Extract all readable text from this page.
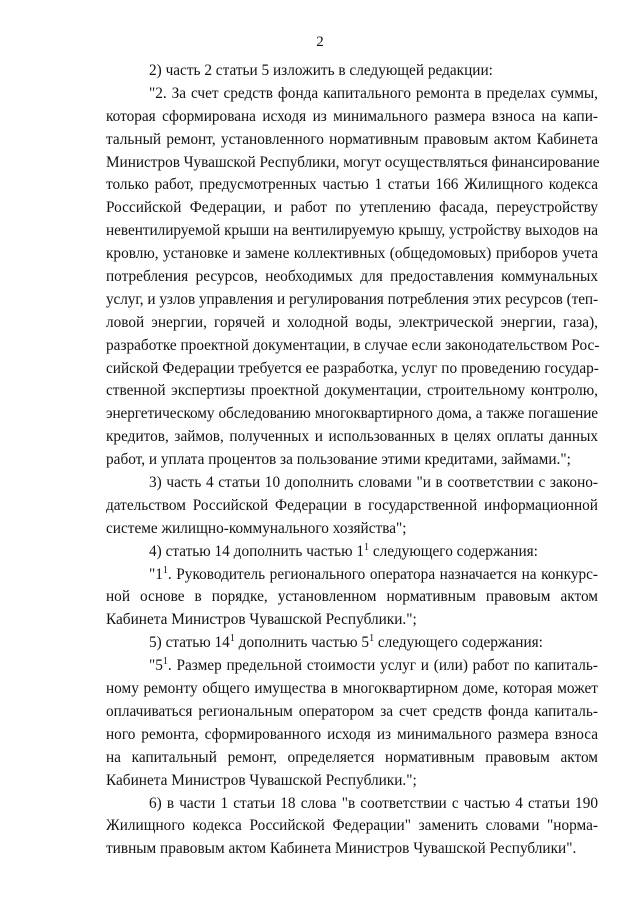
2
2) часть 2 статьи 5 изложить в следующей редакции:
"2. За счет средств фонда капитального ремонта в пределах суммы,
которая сформирована исходя из минимального размера взноса на капи-
тальный ремонт, установленного нормативным правовым актом Кабинета
Министров Чувашской Республики, могут осуществляться финансирование
только работ, предусмотренных частью 1 статьи 166 Жилищного кодекса
Российской Федерации, и работ по утеплению фасада, переустройству
невентилируемой крыши на вентилируемую крышу, устройству выходов на
кровлю, установке и замене коллективных (общедомовых) приборов учета
потребления ресурсов, необходимых для предоставления коммунальных
услуг, и узлов управления и регулирования потребления этих ресурсов (теп-
ловой энергии, горячей и холодной воды, электрической энергии, газа),
разработке проектной документации, в случае если законодательством Рос-
сийской Федерации требуется ее разработка, услуг по проведению государ-
ственной экспертизы проектной документации, строительному контролю,
энергетическому обследованию многоквартирного дома, а также погашение
кредитов, займов, полученных и использованных в целях оплаты данных
работ, и уплата процентов за пользование этими кредитами, займами.";
3) часть 4 статьи 10 дополнить словами "и в соответствии с законо-
дательством Российской Федерации в государственной информационной
системе жилищно-коммунального хозяйства";
4) статью 14 дополнить частью $1^1$ следующего содержания:
"$1^1$. Руководитель регионального оператора назначается на конкурс-
ной основе в порядке, установленном нормативным правовым актом
Кабинета Министров Чувашской Республики.";
5) статью $14^1$ дополнить частью $5^1$ следующего содержания:
"$5^1$. Размер предельной стоимости услуг и (или) работ по капиталь-
ному ремонту общего имущества в многоквартирном доме, которая может
оплачиваться региональным оператором за счет средств фонда капиталь-
ного ремонта, сформированного исходя из минимального размера взноса
на капитальный ремонт, определяется нормативным правовым актом
Кабинета Министров Чувашской Республики.";
6) в части 1 статьи 18 слова "в соответствии с частью 4 статьи 190
Жилищного кодекса Российской Федерации" заменить словами "норма-
тивным правовым актом Кабинета Министров Чувашской Республики".
